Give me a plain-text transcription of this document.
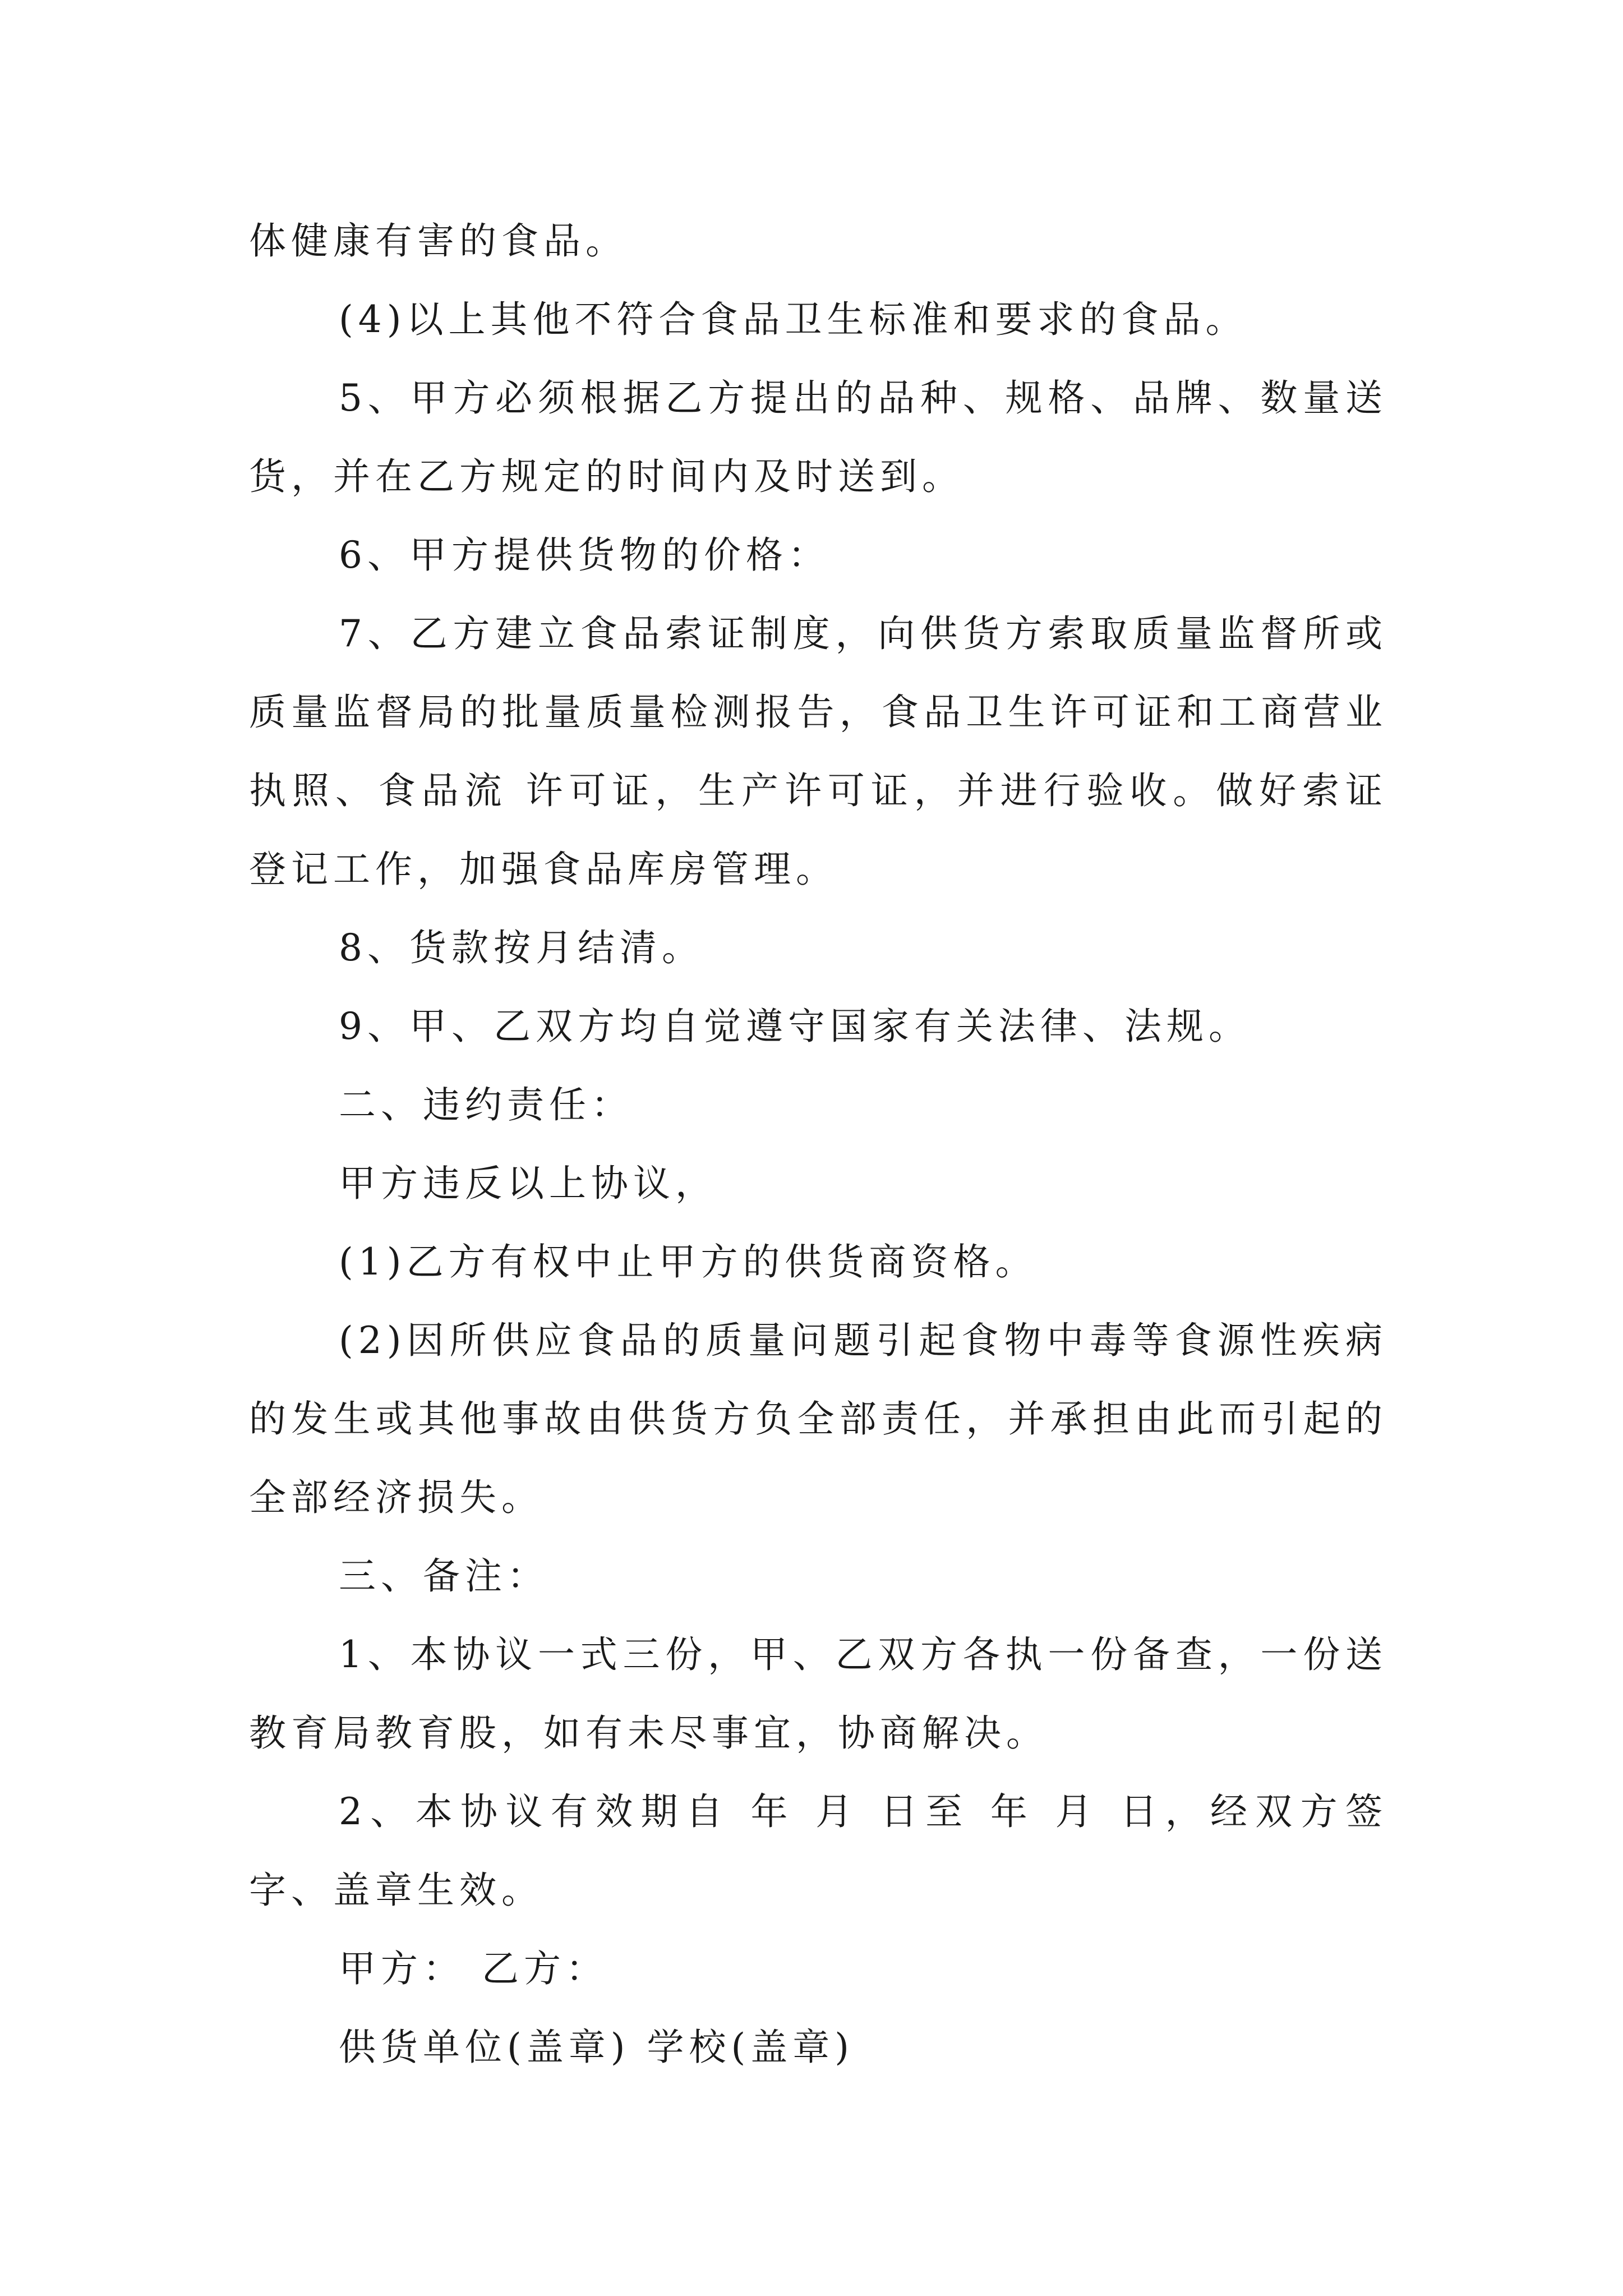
体健康有害的食品。

(4)以上其他不符合食品卫生标准和要求的食品。

5、甲方必须根据乙方提出的品种、规格、品牌、数量送货，并在乙方规定的时间内及时送到。

6、甲方提供货物的价格：

7、乙方建立食品索证制度，向供货方索取质量监督所或质量监督局的批量质量检测报告，食品卫生许可证和工商营业执照、食品流 许可证，生产许可证，并进行验收。做好索证登记工作，加强食品库房管理。

8、货款按月结清。

9、甲、乙双方均自觉遵守国家有关法律、法规。

二、违约责任：

甲方违反以上协议，

(1)乙方有权中止甲方的供货商资格。

(2)因所供应食品的质量问题引起食物中毒等食源性疾病的发生或其他事故由供货方负全部责任，并承担由此而引起的全部经济损失。

三、备注：

1、本协议一式三份，甲、乙双方各执一份备查，一份送教育局教育股，如有未尽事宜，协商解决。

2、本协议有效期自 年 月 日至 年 月 日，经双方签字、盖章生效。

甲方： 乙方：

供货单位(盖章) 学校(盖章)
